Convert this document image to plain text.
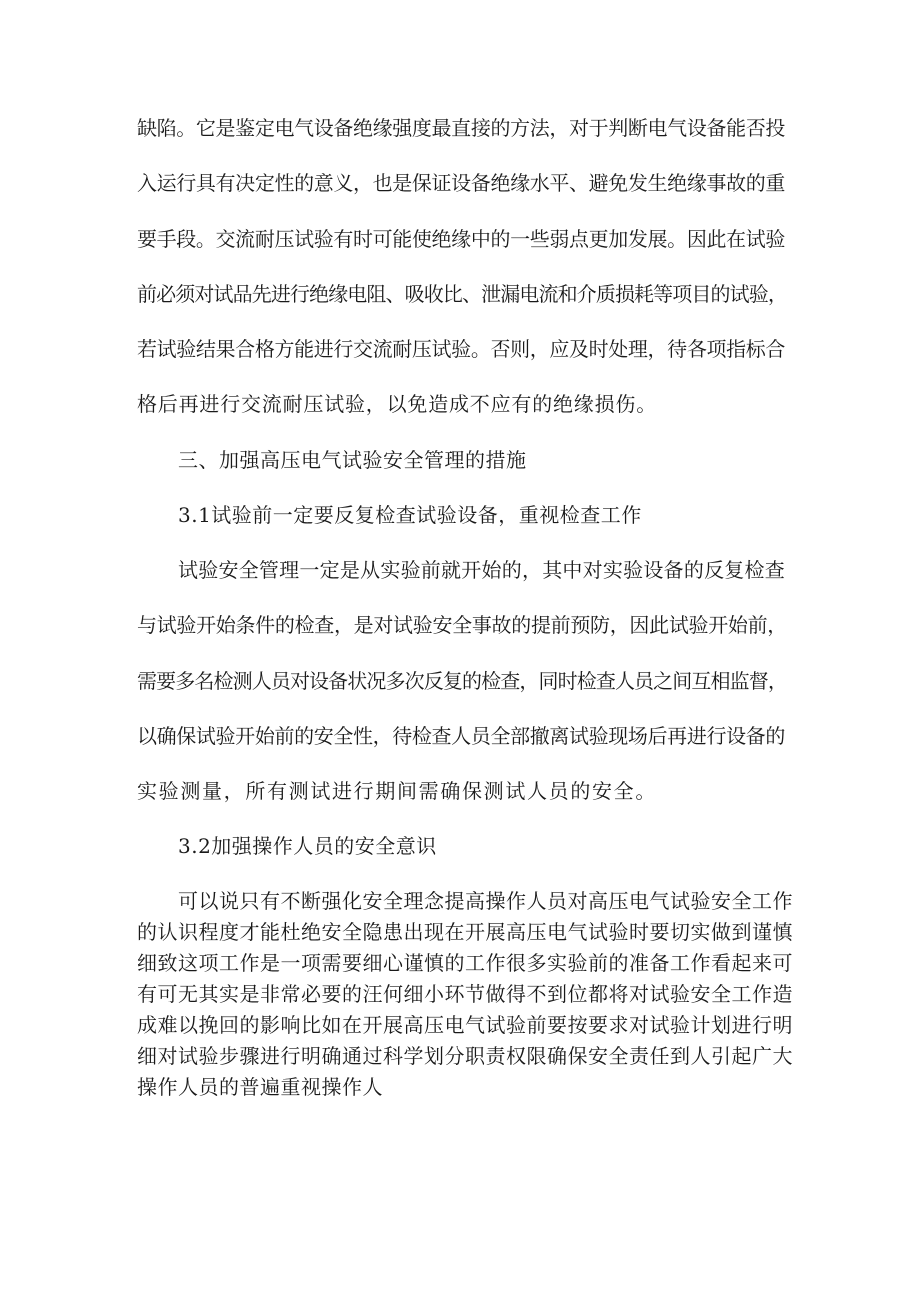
缺陷。它是鉴定电气设备绝缘强度最直接的方法，对于判断电气设备能否投
入运行具有决定性的意义，也是保证设备绝缘水平、避免发生绝缘事故的重
要手段。交流耐压试验有时可能使绝缘中的一些弱点更加发展。因此在试验
前必须对试品先进行绝缘电阻、吸收比、泄漏电流和介质损耗等项目的试验，
若试验结果合格方能进行交流耐压试验。否则，应及时处理，待各项指标合
格后再进行交流耐压试验，以免造成不应有的绝缘损伤。
三、加强高压电气试验安全管理的措施
3.1试验前一定要反复检查试验设备，重视检查工作
试验安全管理一定是从实验前就开始的，其中对实验设备的反复检查
与试验开始条件的检查，是对试验安全事故的提前预防，因此试验开始前，
需要多名检测人员对设备状况多次反复的检查，同时检查人员之间互相监督，
以确保试验开始前的安全性，待检查人员全部撤离试验现场后再进行设备的
实验测量，所有测试进行期间需确保测试人员的安全。
3.2加强操作人员的安全意识
可以说只有不断强化安全理念提高操作人员对高压电气试验安全工作
的认识程度才能杜绝安全隐患出现在开展高压电气试验时要切实做到谨慎
细致这项工作是一项需要细心谨慎的工作很多实验前的准备工作看起来可
有可无其实是非常必要的汪何细小环节做得不到位都将对试验安全工作造
成难以挽回的影响比如在开展高压电气试验前要按要求对试验计划进行明
细对试验步骤进行明确通过科学划分职责权限确保安全责任到人引起广大
操作人员的普遍重视操作人
